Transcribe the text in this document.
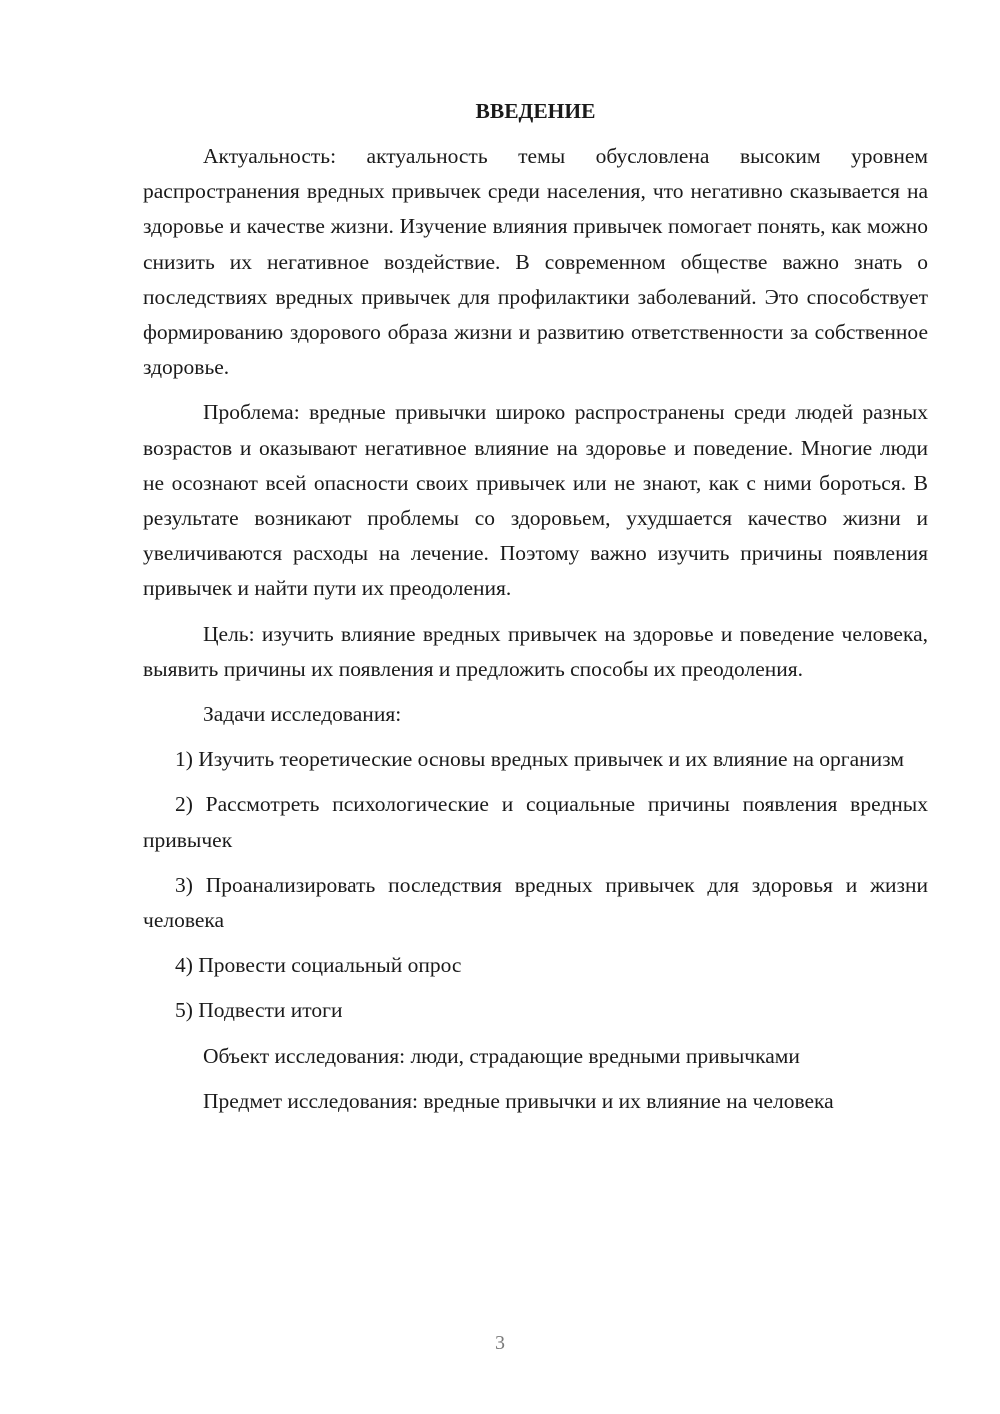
ВВЕДЕНИЕ

Актуальность: актуальность темы обусловлена высоким уровнем распространения вредных привычек среди населения, что негативно сказывается на здоровье и качестве жизни. Изучение влияния привычек помогает понять, как можно снизить их негативное воздействие. В современном обществе важно знать о последствиях вредных привычек для профилактики заболеваний. Это способствует формированию здорового образа жизни и развитию ответственности за собственное здоровье.

Проблема: вредные привычки широко распространены среди людей разных возрастов и оказывают негативное влияние на здоровье и поведение. Многие люди не осознают всей опасности своих привычек или не знают, как с ними бороться. В результате возникают проблемы со здоровьем, ухудшается качество жизни и увеличиваются расходы на лечение. Поэтому важно изучить причины появления привычек и найти пути их преодоления.

Цель: изучить влияние вредных привычек на здоровье и поведение человека, выявить причины их появления и предложить способы их преодоления.

Задачи исследования:

1) Изучить теоретические основы вредных привычек и их влияние на организм

2) Рассмотреть психологические и социальные причины появления вредных привычек

3) Проанализировать последствия вредных привычек для здоровья и жизни человека

4) Провести социальный опрос

5) Подвести итоги

Объект исследования: люди, страдающие вредными привычками

Предмет исследования: вредные привычки и их влияние на человека

3
